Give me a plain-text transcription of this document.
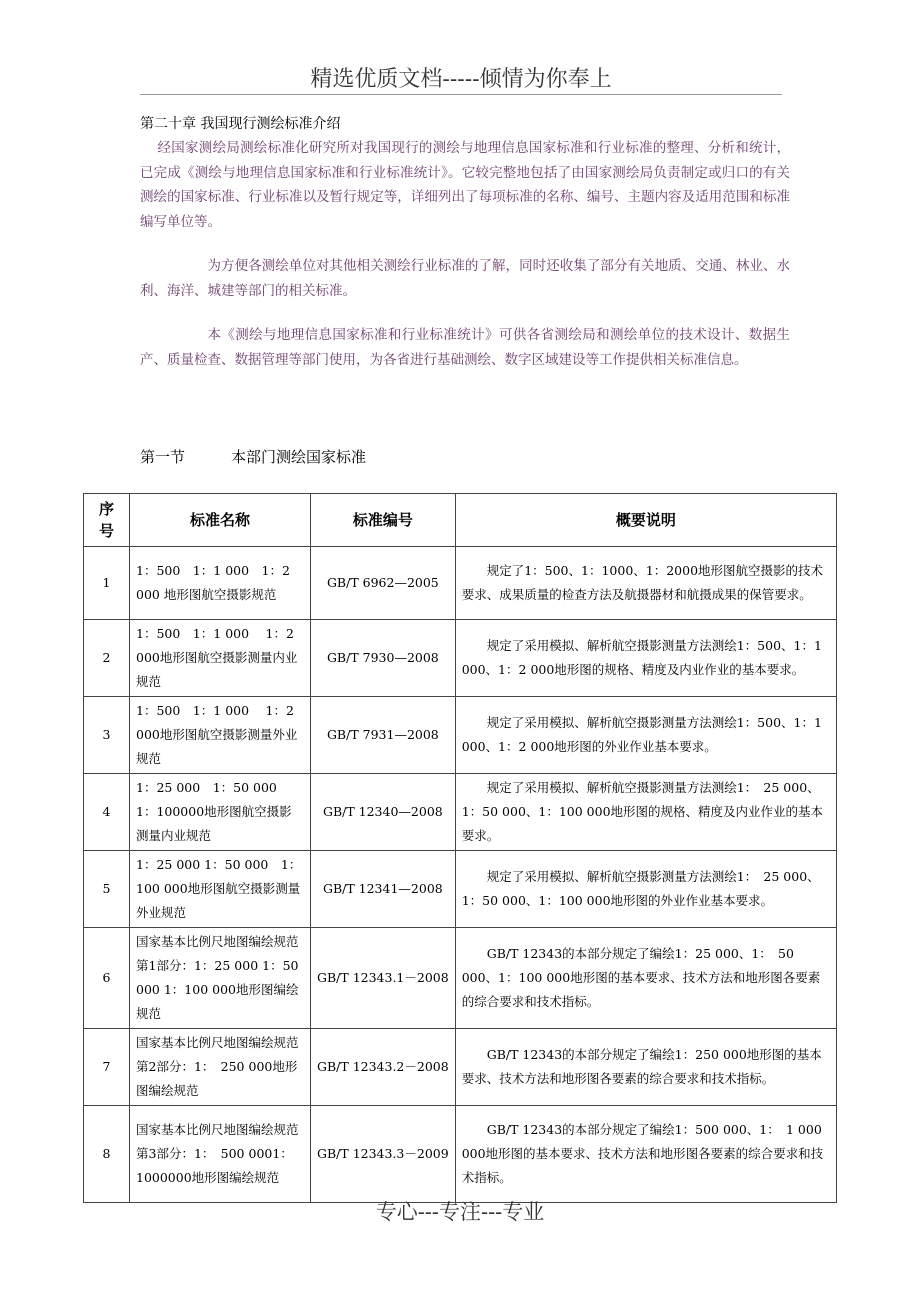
精选优质文档-----倾情为你奉上
第二十章 我国现行测绘标准介绍

经国家测绘局测绘标准化研究所对我国现行的测绘与地理信息国家标准和行业标准的整理、分析和统计，已完成《测绘与地理信息国家标准和行业标准统计》。它较完整地包括了由国家测绘局负责制定或归口的有关测绘的国家标准、行业标准以及暂行规定等，详细列出了每项标准的名称、编号、主题内容及适用范围和标准编写单位等。

为方便各测绘单位对其他相关测绘行业标准的了解，同时还收集了部分有关地质、交通、林业、水利、海洋、城建等部门的相关标准。

本《测绘与地理信息国家标准和行业标准统计》可供各省测绘局和测绘单位的技术设计、数据生产、质量检查、数据管理等部门使用，为各省进行基础测绘、数字区域建设等工作提供相关标准信息。

第一节	本部门测绘国家标准
序号	标准名称	标准编号	概要说明
1	1：500　1：1 000　1：2 000 地形图航空摄影规范	GB/T 6962—2005	规定了1：500、1：1000、1：2000地形图航空摄影的技术要求、成果质量的检查方法及航摄器材和航摄成果的保管要求。
2	1：500　1：1 000　 1：2 000地形图航空摄影测量内业规范	GB/T 7930—2008	规定了采用模拟、解析航空摄影测量方法测绘1：500、1：1 000、1：2 000地形图的规格、精度及内业作业的基本要求。
3	1：500　1：1 000　 1：2 000地形图航空摄影测量外业规范	GB/T 7931—2008	规定了采用模拟、解析航空摄影测量方法测绘1：500、1：1 000、1：2 000地形图的外业作业基本要求。
4	1：25 000　1：50 000　 1：100000地形图航空摄影测量内业规范	GB/T 12340—2008	规定了采用模拟、解析航空摄影测量方法测绘1：　25 000、1：50 000、1：100 000地形图的规格、精度及内业作业的基本要求。
5	1：25 000 1：50 000　1：100 000地形图航空摄影测量外业规范	GB/T 12341—2008	规定了采用模拟、解析航空摄影测量方法测绘1：　25 000、1：50 000、1：100 000地形图的外业作业基本要求。
6	国家基本比例尺地图编绘规范 第1部分：1：25 000 1：50 000 1：100 000地形图编绘规范	GB/T 12343.1－2008	GB/T 12343的本部分规定了编绘1：25 000、1：　50 000、1：100 000地形图的基本要求、技术方法和地形图各要素的综合要求和技术指标。
7	国家基本比例尺地图编绘规范 第2部分：1：　250 000地形图编绘规范	GB/T 12343.2－2008	GB/T 12343的本部分规定了编绘1：250 000地形图的基本要求、技术方法和地形图各要素的综合要求和技术指标。
8	国家基本比例尺地图编绘规范 第3部分：1：　500 0001：1000000地形图编绘规范	GB/T 12343.3－2009	GB/T 12343的本部分规定了编绘1：500 000、1：　1 000 000地形图的基本要求、技术方法和地形图各要素的综合要求和技术指标。
专心---专注---专业
